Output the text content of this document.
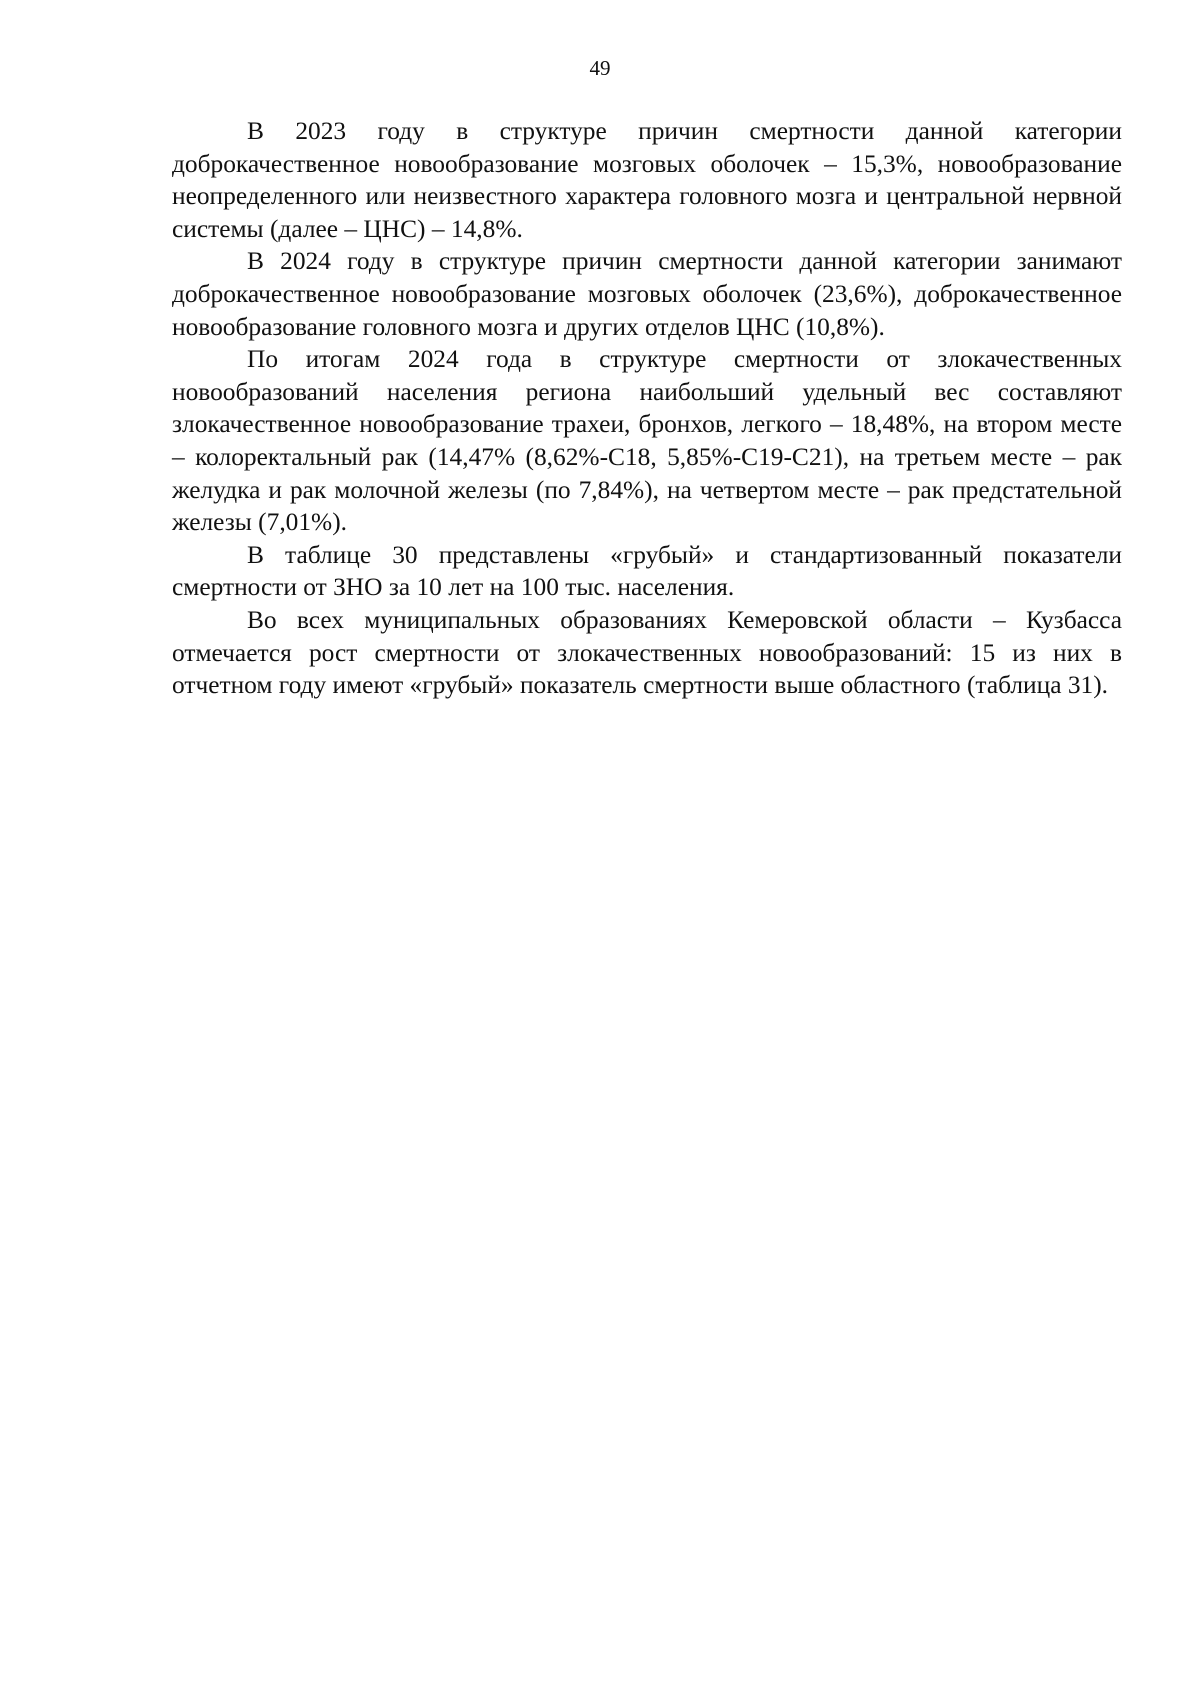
49

В 2023 году в структуре причин смертности данной категории доброкачественное новообразование мозговых оболочек – 15,3%, новообразование неопределенного или неизвестного характера головного мозга и центральной нервной системы (далее – ЦНС) – 14,8%.

В 2024 году в структуре причин смертности данной категории занимают доброкачественное новообразование мозговых оболочек (23,6%), доброкачественное новообразование головного мозга и других отделов ЦНС (10,8%).

По итогам 2024 года в структуре смертности от злокачественных новообразований населения региона наибольший удельный вес составляют злокачественное новообразование трахеи, бронхов, легкого – 18,48%, на втором месте – колоректальный рак (14,47% (8,62%-C18, 5,85%-C19-C21), на третьем месте – рак желудка и рак молочной железы (по 7,84%), на четвертом месте – рак предстательной железы (7,01%).

В таблице 30 представлены «грубый» и стандартизованный показатели смертности от ЗНО за 10 лет на 100 тыс. населения.

Во всех муниципальных образованиях Кемеровской области – Кузбасса отмечается рост смертности от злокачественных новообразований: 15 из них в отчетном году имеют «грубый» показатель смертности выше областного (таблица 31).
